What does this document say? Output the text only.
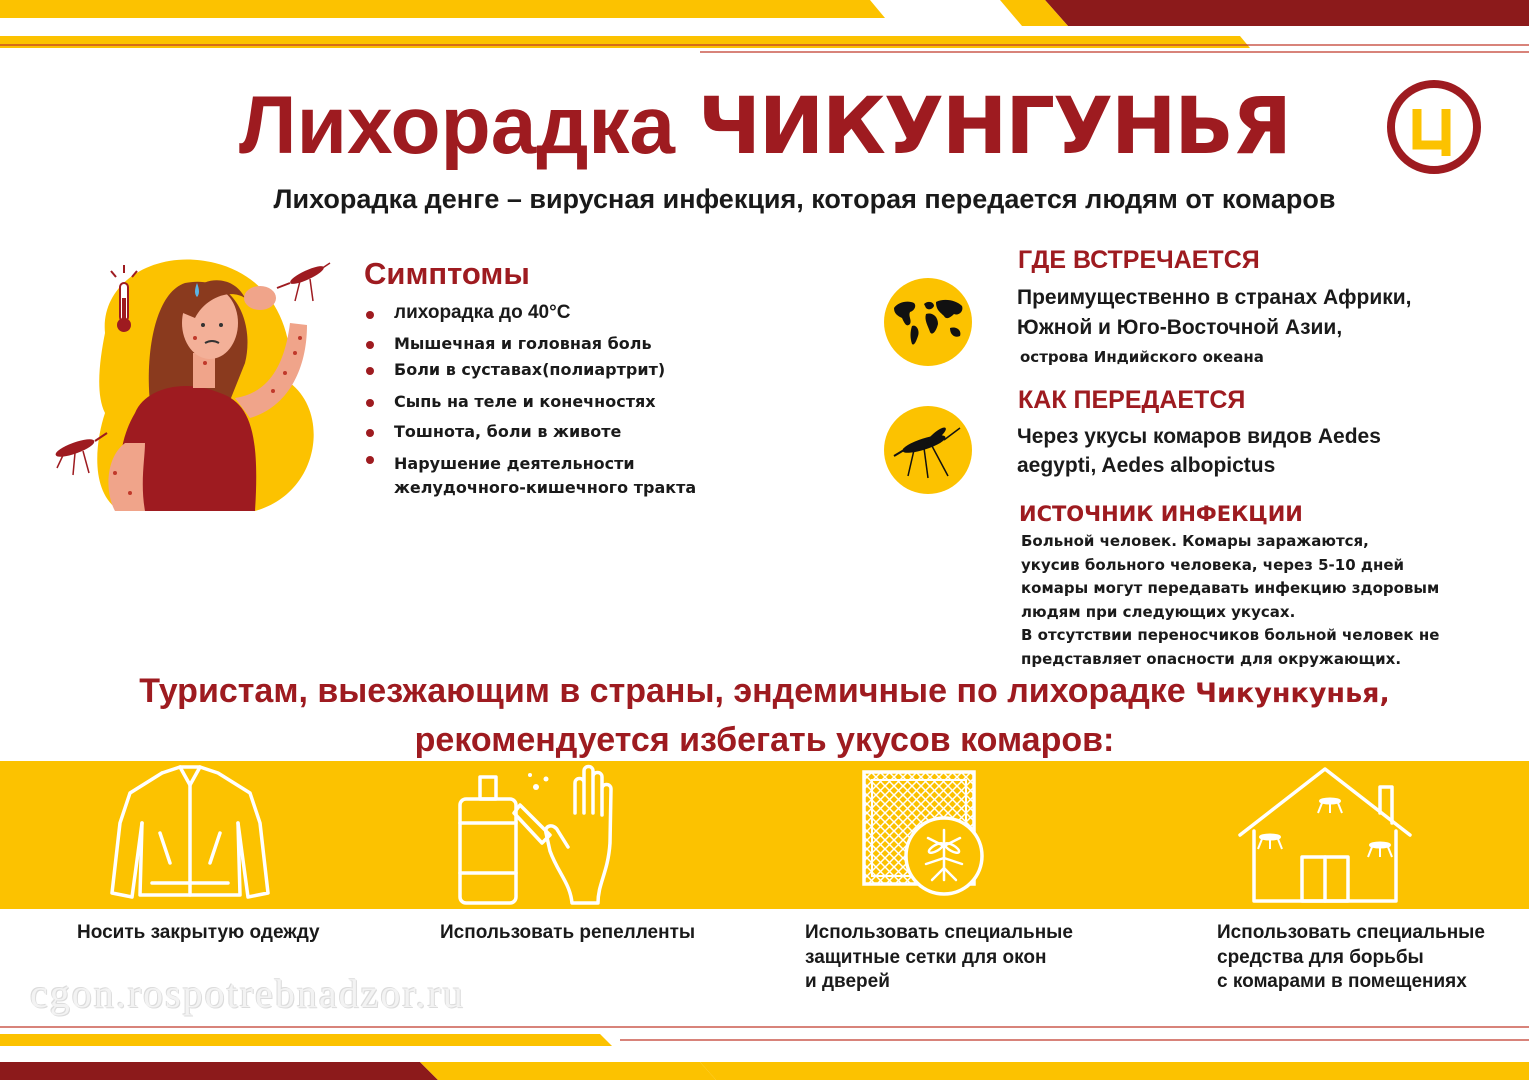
Лихорадка ЧИКУНГУНЬЯ
Лихорадка денге – вирусная инфекция, которая передается людям от комаров
Симптомы
лихорадка до 40°С
Мышечная и головная боль
Боли в суставах(полиартрит)
Сыпь на теле и конечностях
Тошнота, боли в животе
Нарушение деятельности
желудочного-кишечного тракта
ГДЕ ВСТРЕЧАЕТСЯ
Преимущественно в странах Африки,
Южной и Юго-Восточной Азии,
острова Индийского океана
КАК ПЕРЕДАЕТСЯ
Через укусы комаров видов Aedes
aegypti, Aedes albopictus
ИСТОЧНИК ИНФЕКЦИИ
Больной человек. Комары заражаются,
укусив больного человека, через 5-10 дней
комары могут передавать инфекцию здоровым
людям при следующих укусах.
В отсутствии переносчиков больной человек не
представляет опасности для окружающих.
Туристам, выезжающим в страны, эндемичные по лихорадке Чикункунья,
рекомендуется избегать укусов комаров:
Носить закрытую одежду	Использовать репелленты	Использовать специальные
защитные сетки для окон
и дверей
Использовать специальные
средства для борьбы
с комарами в помещениях
cgon.rospotrebnadzor.ru
